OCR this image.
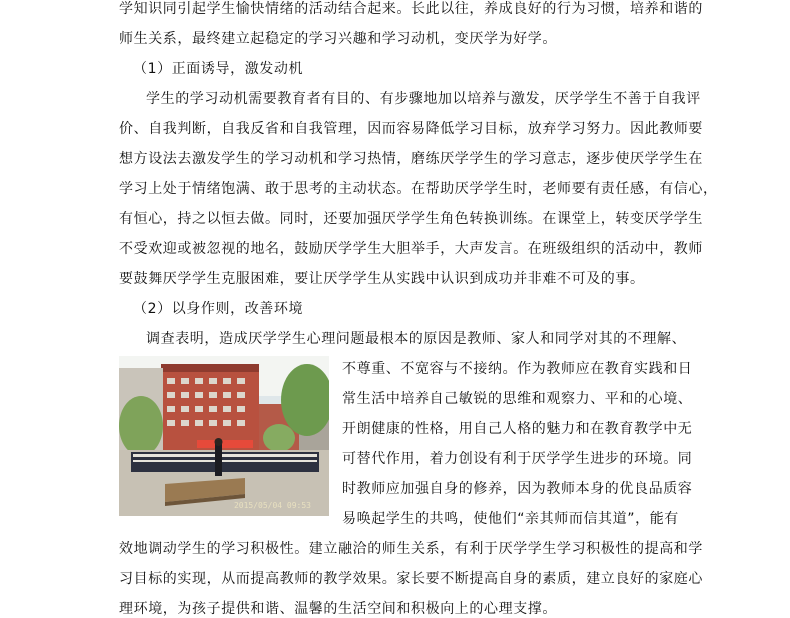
学知识同引起学生愉快情绪的活动结合起来。长此以往，养成良好的行为习惯，培养和谐的
师生关系，最终建立起稳定的学习兴趣和学习动机，变厌学为好学。
（1）正面诱导，激发动机
学生的学习动机需要教育者有目的、有步骤地加以培养与激发，厌学学生不善于自我评
价、自我判断，自我反省和自我管理，因而容易降低学习目标，放弃学习努力。因此教师要
想方设法去激发学生的学习动机和学习热情，磨练厌学学生的学习意志，逐步使厌学学生在
学习上处于情绪饱满、敢于思考的主动状态。在帮助厌学学生时，老师要有责任感，有信心，
有恒心，持之以恒去做。同时，还要加强厌学学生角色转换训练。在课堂上，转变厌学学生
不受欢迎或被忽视的地名，鼓励厌学学生大胆举手，大声发言。在班级组织的活动中，教师
要鼓舞厌学学生克服困难，要让厌学学生从实践中认识到成功并非难不可及的事。
（2）以身作则，改善环境
调查表明，造成厌学学生心理问题最根本的原因是教师、家人和同学对其的不理解、
2015/05/04 09:53
不尊重、不宽容与不接纳。作为教师应在教育实践和日
常生活中培养自己敏锐的思维和观察力、平和的心境、
开朗健康的性格，用自己人格的魅力和在教育教学中无
可替代作用，着力创设有利于厌学学生进步的环境。同
时教师应加强自身的修养，因为教师本身的优良品质容
易唤起学生的共鸣，使他们“亲其师而信其道”，能有
效地调动学生的学习积极性。建立融洽的师生关系，有利于厌学学生学习积极性的提高和学
习目标的实现，从而提高教师的教学效果。家长要不断提高自身的素质，建立良好的家庭心
理环境，为孩子提供和谐、温馨的生活空间和积极向上的心理支撑。
